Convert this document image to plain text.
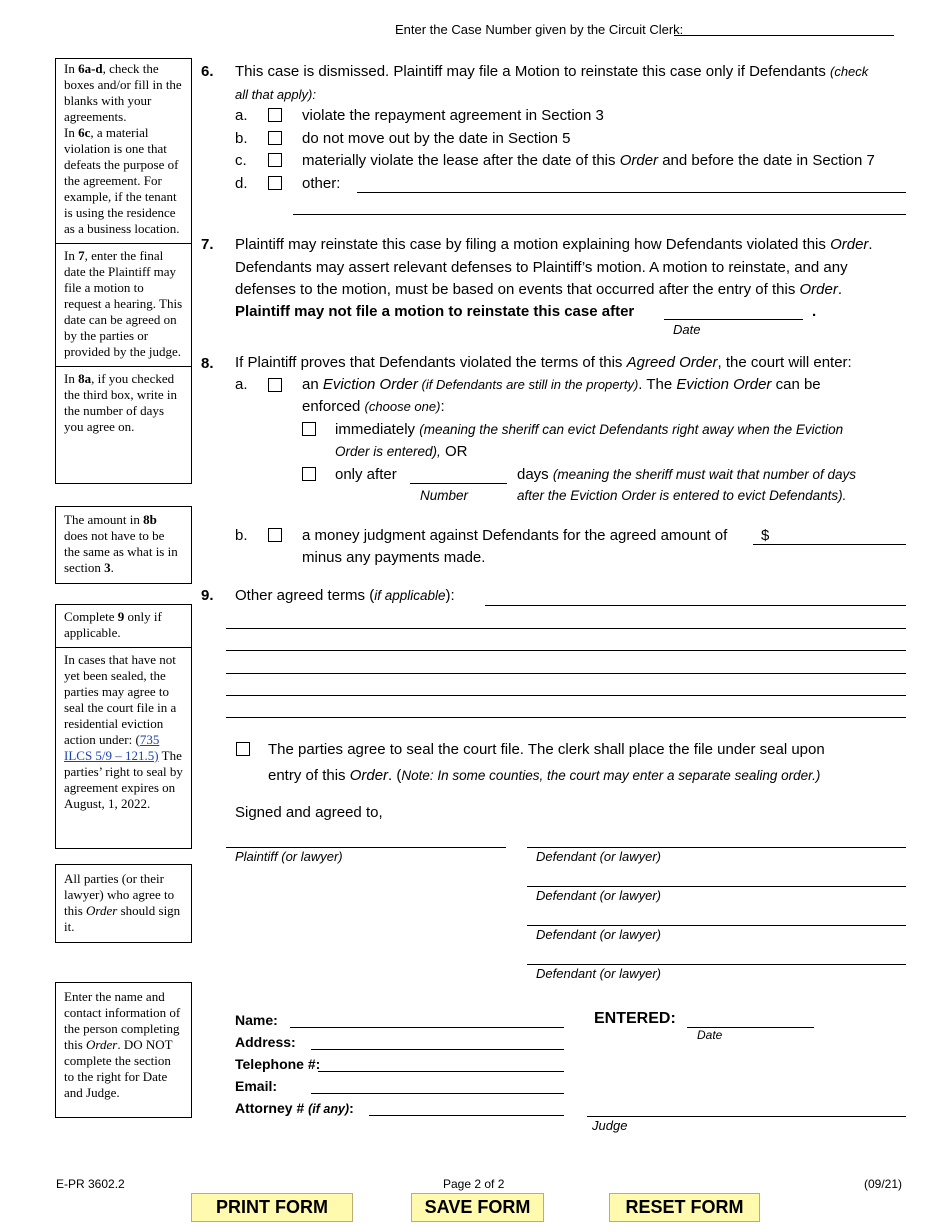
Enter the Case Number given by the Circuit Clerk:
In 6a-d, check the boxes and/or fill in the blanks with your agreements.
In 6c, a material violation is one that defeats the purpose of the agreement. For example, if the tenant is using the residence as a business location.
In 7, enter the final date the Plaintiff may file a motion to request a hearing. This date can be agreed on by the parties or provided by the judge.
In 8a, if you checked the third box, write in the number of days you agree on.
The amount in 8b does not have to be the same as what is in section 3.
Complete 9 only if applicable.
In cases that have not yet been sealed, the parties may agree to seal the court file in a residential eviction action under: (735 ILCS 5/9 – 121.5) The parties’ right to seal by agreement expires on August, 1, 2022.
All parties (or their lawyer) who agree to this Order should sign it.
Enter the name and contact information of the person completing this Order. DO NOT complete the section to the right for Date and Judge.
6. This case is dismissed. Plaintiff may file a Motion to reinstate this case only if Defendants (check
all that apply):
a.	violate the repayment agreement in Section 3
b.	do not move out by the date in Section 5
c.	materially violate the lease after the date of this Order and before the date in Section 7
d.	other:
7. Plaintiff may reinstate this case by filing a motion explaining how Defendants violated this Order.
Defendants may assert relevant defenses to Plaintiff’s motion. A motion to reinstate, and any
defenses to the motion, must be based on events that occurred after the entry of this Order.
Plaintiff may not file a motion to reinstate this case after	.
Date
8. If Plaintiff proves that Defendants violated the terms of this Agreed Order, the court will enter:
a.	an Eviction Order (if Defendants are still in the property). The Eviction Order can be
enforced (choose one):
immediately (meaning the sheriff can evict Defendants right away when the Eviction
Order is entered), OR
only after	days (meaning the sheriff must wait that number of days
Number	after the Eviction Order is entered to evict Defendants).
b.	a money judgment against Defendants for the agreed amount of $
minus any payments made.
9. Other agreed terms (if applicable):
The parties agree to seal the court file. The clerk shall place the file under seal upon
entry of this Order. (Note: In some counties, the court may enter a separate sealing order.)
Signed and agreed to,
Plaintiff (or lawyer)	Defendant (or lawyer)
Defendant (or lawyer)
Defendant (or lawyer)
Defendant (or lawyer)
Name:
Address:
Telephone #:
Email:
Attorney # (if any):
ENTERED:
Date
Judge
E-PR 3602.2	Page 2 of 2	(09/21)
PRINT FORM	SAVE FORM	RESET FORM
